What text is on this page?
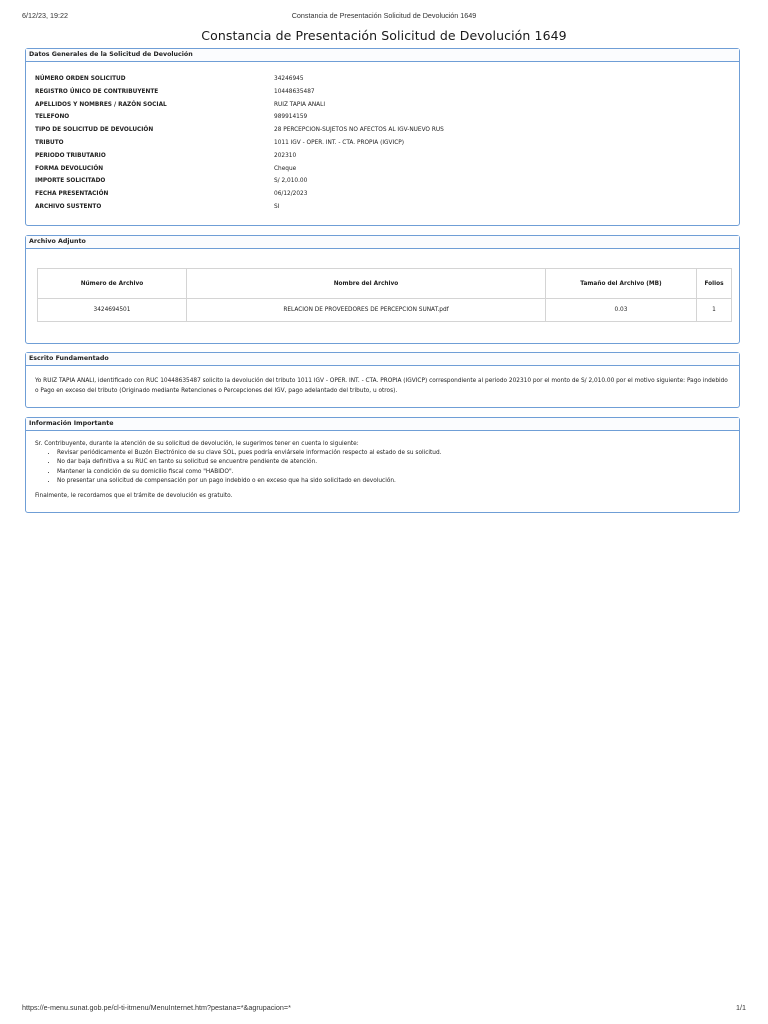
6/12/23, 19:22	Constancia de Presentación Solicitud de Devolución 1649
Constancia de Presentación Solicitud de Devolución 1649
Datos Generales de la Solicitud de Devolución
NÚMERO ORDEN SOLICITUD	34246945
REGISTRO ÚNICO DE CONTRIBUYENTE	10448635487
APELLIDOS Y NOMBRES / RAZÓN SOCIAL	RUIZ TAPIA ANALI
TELEFONO	989914159
TIPO DE SOLICITUD DE DEVOLUCIÓN	28 PERCEPCION-SUJETOS NO AFECTOS AL IGV-NUEVO RUS
TRIBUTO	1011 IGV - OPER. INT. - CTA. PROPIA (IGVICP)
PERIODO TRIBUTARIO	202310
FORMA DEVOLUCIÓN	Cheque
IMPORTE SOLICITADO	S/ 2,010.00
FECHA PRESENTACIÓN	06/12/2023
ARCHIVO SUSTENTO	SI
Archivo Adjunto
Número de Archivo	Nombre del Archivo	Tamaño del Archivo (MB)	Folios
3424694501	RELACION DE PROVEEDORES DE PERCEPCION SUNAT.pdf	0.03	1
Escrito Fundamentado
Yo RUIZ TAPIA ANALI, identificado con RUC 10448635487 solicito la devolución del tributo 1011 IGV - OPER. INT. - CTA. PROPIA (IGVICP) correspondiente al periodo 202310 por el monto de S/ 2,010.00 por el motivo siguiente: Pago indebido o Pago en exceso del tributo (Originado mediante Retenciones o Percepciones del IGV, pago adelantado del tributo, u otros).
Información Importante
Sr. Contribuyente, durante la atención de su solicitud de devolución, le sugerimos tener en cuenta lo siguiente:
• Revisar periódicamente el Buzón Electrónico de su clave SOL, pues podría enviársele información respecto al estado de su solicitud.
• No dar baja definitiva a su RUC en tanto su solicitud se encuentre pendiente de atención.
• Mantener la condición de su domicilio fiscal como "HABIDO".
• No presentar una solicitud de compensación por un pago indebido o en exceso que ha sido solicitado en devolución.
Finalmente, le recordamos que el trámite de devolución es gratuito.
https://e-menu.sunat.gob.pe/cl-ti-itmenu/MenuInternet.htm?pestana=*&agrupacion=*	1/1
